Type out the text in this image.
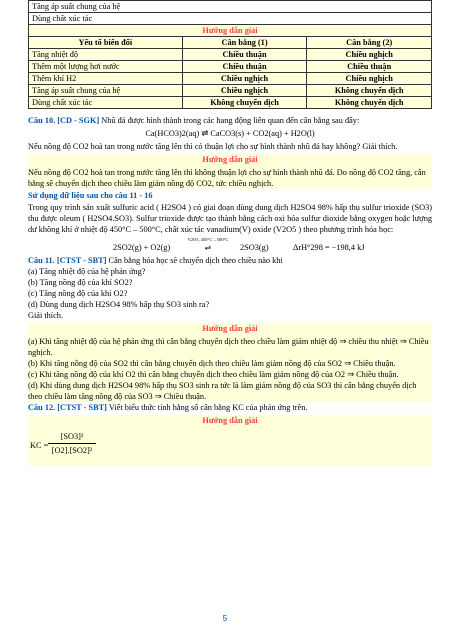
Tăng áp suất chung của hệ		
Dùng chất xúc tác		
Hướng dẫn giải		
Yếu tố biến đổi	Cân bằng (1)	Cân bằng (2)
Tăng nhiệt độ	Chiều thuận	Chiều nghịch
Thêm một lượng hơi nước	Chiều thuận	Chiều thuận
Thêm khí H2	Chiều nghịch	Chiều nghịch
Tăng áp suất chung của hệ	Chiều nghịch	Không chuyển dịch
Dùng chất xúc tác	Không chuyển dịch	Không chuyển dịch

Câu 10. [CD - SGK] Nhũ đá được hình thành trong các hang động liên quan đến cân bằng sau đây:

Ca(HCO3)2(aq) ⇌ CaCO3(s) + CO2(aq) + H2O(l)

Nếu nồng độ CO2 hoà tan trong nước tăng lên thì có thuận lợi cho sự hình thành nhũ đá hay không? Giải thích.

Hướng dẫn giải

Nếu nồng độ CO2 hoà tan trong nước tăng lên thì không thuận lợi cho sự hình thành nhũ đá. Do nồng độ CO2 tăng, cân bằng sẽ chuyển dịch theo chiều làm giảm nồng độ CO2, tức chiều nghịch.

Sử dụng dữ liệu sau cho câu 11 - 16

Trong quy trình sản xuất sulfuric acid ( H2SO4 ) có giai đoạn dùng dung dịch H2SO4 98% hấp thụ sulfur trioxide (SO3) thu được oleum ( H2SO4.SO3). Sulfur trioxide được tạo thành bằng cách oxi hóa sulfur dioxide bằng oxygen hoặc lượng dư không khí ở nhiệt độ 450°C – 500°C, chất xúc tác vanadium(V) oxide (V2O5 ) theo phương trình hóa học:

2SO2(g) + O2(g)
V2O5, 450°C – 500°C
⇌	2SO3(g)	ΔrH°298 = −198,4 kJ

Câu 11. [CTST - SBT] Cân bằng hóa học sẽ chuyển dịch theo chiều nào khi

(a) Tăng nhiệt độ của hệ phản ứng?

(b) Tăng nồng độ của khí SO2?

(c) Tăng nồng độ của khí O2?

(d) Dùng dung dịch H2SO4 98% hấp thụ SO3 sinh ra?

Giải thích.

Hướng dẫn giải

(a) Khi tăng nhiệt độ của hệ phản ứng thì cân bằng chuyển dịch theo chiều làm giảm nhiệt độ ⇒ chiều thu nhiệt ⇒ Chiều nghịch.

(b) Khi tăng nồng độ của SO2 thì cân bằng chuyển dịch theo chiều làm giảm nồng độ của SO2 ⇒ Chiều thuận.

(c) Khi tăng nồng độ của khí O2 thì cân bằng chuyển dịch theo chiều làm giảm nồng độ của O2 ⇒ Chiều thuận.

(d) Khi dùng dung dịch H2SO4 98% hấp thụ SO3 sinh ra tức là làm giảm nồng độ của SO3 thì cân bằng chuyển dịch theo chiều làm tăng nồng độ của SO3 ⇒ Chiều thuận.

Câu 12. [CTST - SBT] Viết biểu thức tính hằng số cân bằng KC của phản ứng trên.

Hướng dẫn giải

KC =
[SO3]²
[O2].[SO2]²
5
